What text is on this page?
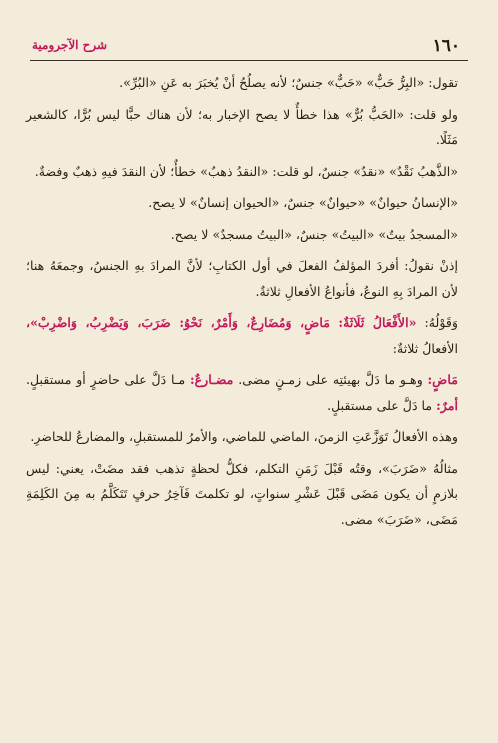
١٦٠
شرح الآجرومية

تقول: «البِرُّ حَبٌّ» «حَبٌّ» جنسٌ؛ لأنه يصلُحُ أنْ يُخبَرَ به عَنِ «البُرِّ».

ولو قلت: «الحَبُّ بُرٌّ» هذا خطأٌ لا يصح الإخبار به؛ لأن هناك حبًّا ليس بُرًّا، كالشعير مَثَلًا.

«الذَّهبُ نَقْدٌ» «نقدٌ» جنسٌ، لو قلت: «النقدُ ذهبٌ» خطأٌ؛ لأن النقدَ فيهِ ذهبٌ وفضةٌ.

«الإنسانُ حيوانٌ» «حيوانٌ» جنسٌ، «الحيوان إنسانٌ» لا يصح.

«المسجدُ بيتٌ» «البيتُ» جنسٌ، «البيتُ مسجدٌ» لا يصح.

إذنْ نقولُ: أفردَ المؤلفُ الفعلَ في أول الكتابِ؛ لأنَّ المرادَ بهِ الجنسُ، وجمعَهُ هنا؛ لأن المرادَ بِهِ النوعُ، فأنواعُ الأفعالِ ثلاثةٌ.

وَقَوْلُهُ: «الأَفْعَالُ ثَلَاثَةٌ: مَاضٍ، وَمُضَارِعٌ، وَأَمْرٌ، نَحْوُ: ضَرَبَ، وَيَضْرِبُ، وَاضْرِبْ»، الأفعالُ ثلاثةٌ:

مَاضٍ: وهـو ما دَلَّ بهيئتِه على زمـنٍ مضى. مضـارعٌ: مـا دَلَّ على حاضرٍ أو مستقبلٍ. أمرٌ: ما دَلَّ على مستقبلٍ.

وهذه الأفعالُ تَوَزَّعَتِ الزمنَ، الماضي للماضي، والأمرُ للمستقبلِ، والمضارعُ للحاضرِ.

مثالُهُ «ضَرَبَ»، وقتُه قَبْلَ زَمَنِ التكلم، فكلُّ لحظةٍ تذهب فقد مضَتْ، يعني: ليس بلازمٍ أن يكون مَضَى قَبْلَ عَشْرِ سنواتٍ، لو تكلمتَ فَآخِرُ حرفٍ تَتَكَلَّمُ به مِنَ الكَلِمَةِ مَضَى، «ضَرَبَ» مضى.
